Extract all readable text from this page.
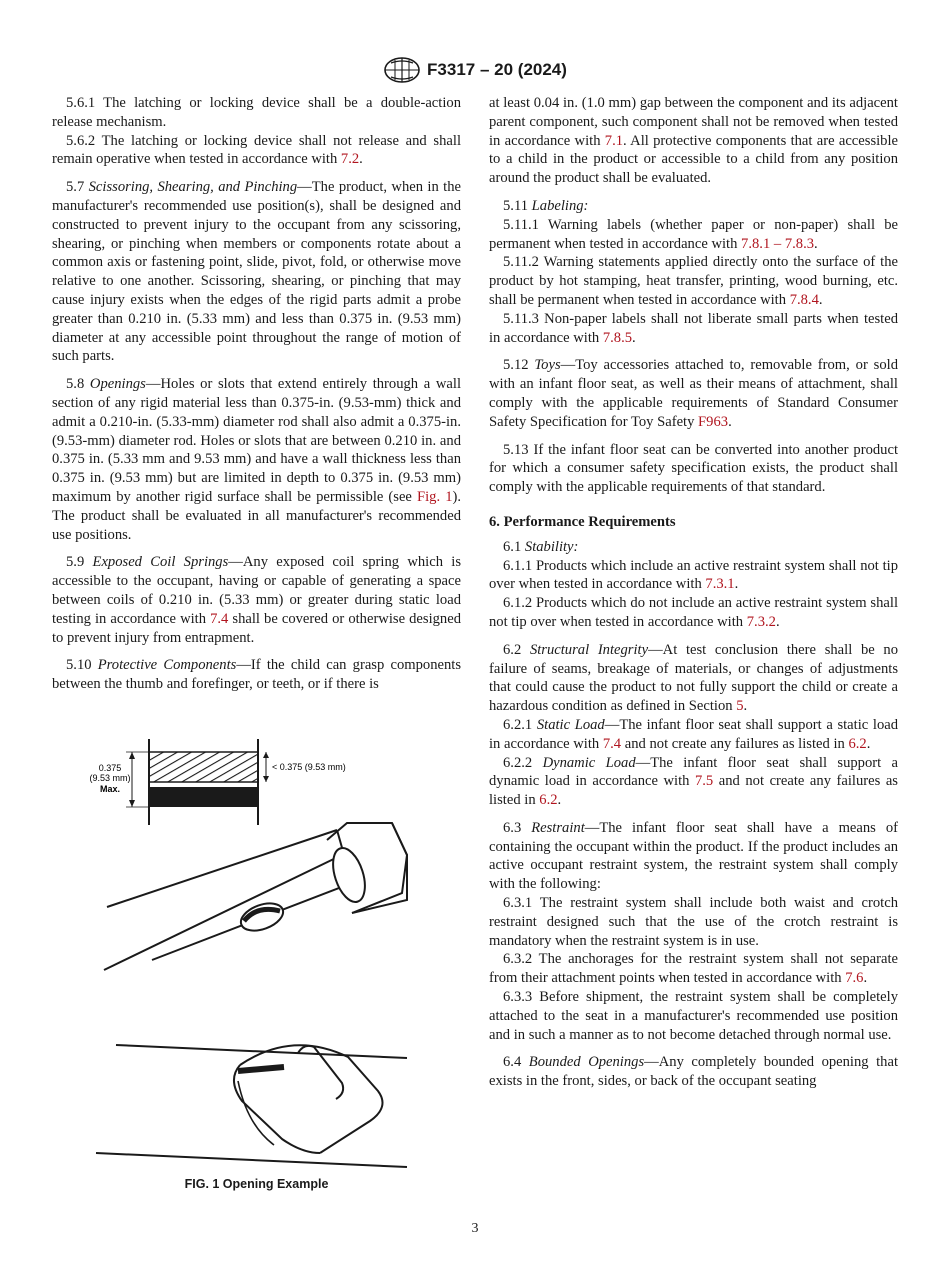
F3317 – 20 (2024)

5.6.1 The latching or locking device shall be a double-action release mechanism.

5.6.2 The latching or locking device shall not release and shall remain operative when tested in accordance with 7.2.

5.7 Scissoring, Shearing, and Pinching—The product, when in the manufacturer's recommended use position(s), shall be designed and constructed to prevent injury to the occupant from any scissoring, shearing, or pinching when members or components rotate about a common axis or fastening point, slide, pivot, fold, or otherwise move relative to one another. Scissoring, shearing, or pinching that may cause injury exists when the edges of the rigid parts admit a probe greater than 0.210 in. (5.33 mm) and less than 0.375 in. (9.53 mm) diameter at any accessible point throughout the range of motion of such parts.

5.8 Openings—Holes or slots that extend entirely through a wall section of any rigid material less than 0.375-in. (9.53-mm) thick and admit a 0.210-in. (5.33-mm) diameter rod shall also admit a 0.375-in. (9.53-mm) diameter rod. Holes or slots that are between 0.210 in. and 0.375 in. (5.33 mm and 9.53 mm) and have a wall thickness less than 0.375 in. (9.53 mm) but are limited in depth to 0.375 in. (9.53 mm) maximum by another rigid surface shall be permissible (see Fig. 1). The product shall be evaluated in all manufacturer's recommended use positions.

5.9 Exposed Coil Springs—Any exposed coil spring which is accessible to the occupant, having or capable of generating a space between coils of 0.210 in. (5.33 mm) or greater during static load testing in accordance with 7.4 shall be covered or otherwise designed to prevent injury from entrapment.

5.10 Protective Components—If the child can grasp components between the thumb and forefinger, or teeth, or if there is

0.375
(9.53 mm)
Max.
< 0.375 (9.53 mm)
FIG. 1 Opening Example

at least 0.04 in. (1.0 mm) gap between the component and its adjacent parent component, such component shall not be removed when tested in accordance with 7.1. All protective components that are accessible to a child in the product or accessible to a child from any position around the product shall be evaluated.

5.11 Labeling:

5.11.1 Warning labels (whether paper or non-paper) shall be permanent when tested in accordance with 7.8.1 – 7.8.3.

5.11.2 Warning statements applied directly onto the surface of the product by hot stamping, heat transfer, printing, wood burning, etc. shall be permanent when tested in accordance with 7.8.4.

5.11.3 Non-paper labels shall not liberate small parts when tested in accordance with 7.8.5.

5.12 Toys—Toy accessories attached to, removable from, or sold with an infant floor seat, as well as their means of attachment, shall comply with the applicable requirements of Standard Consumer Safety Specification for Toy Safety F963.

5.13 If the infant floor seat can be converted into another product for which a consumer safety specification exists, the product shall comply with the applicable requirements of that standard.

6. Performance Requirements

6.1 Stability:

6.1.1 Products which include an active restraint system shall not tip over when tested in accordance with 7.3.1.

6.1.2 Products which do not include an active restraint system shall not tip over when tested in accordance with 7.3.2.

6.2 Structural Integrity—At test conclusion there shall be no failure of seams, breakage of materials, or changes of adjustments that could cause the product to not fully support the child or create a hazardous condition as defined in Section 5.

6.2.1 Static Load—The infant floor seat shall support a static load in accordance with 7.4 and not create any failures as listed in 6.2.

6.2.2 Dynamic Load—The infant floor seat shall support a dynamic load in accordance with 7.5 and not create any failures as listed in 6.2.

6.3 Restraint—The infant floor seat shall have a means of containing the occupant within the product. If the product includes an active occupant restraint system, the restraint system shall comply with the following:

6.3.1 The restraint system shall include both waist and crotch restraint designed such that the use of the crotch restraint is mandatory when the restraint system is in use.

6.3.2 The anchorages for the restraint system shall not separate from their attachment points when tested in accordance with 7.6.

6.3.3 Before shipment, the restraint system shall be completely attached to the seat in a manufacturer's recommended use position and in such a manner as to not become detached through normal use.

6.4 Bounded Openings—Any completely bounded opening that exists in the front, sides, or back of the occupant seating

3
